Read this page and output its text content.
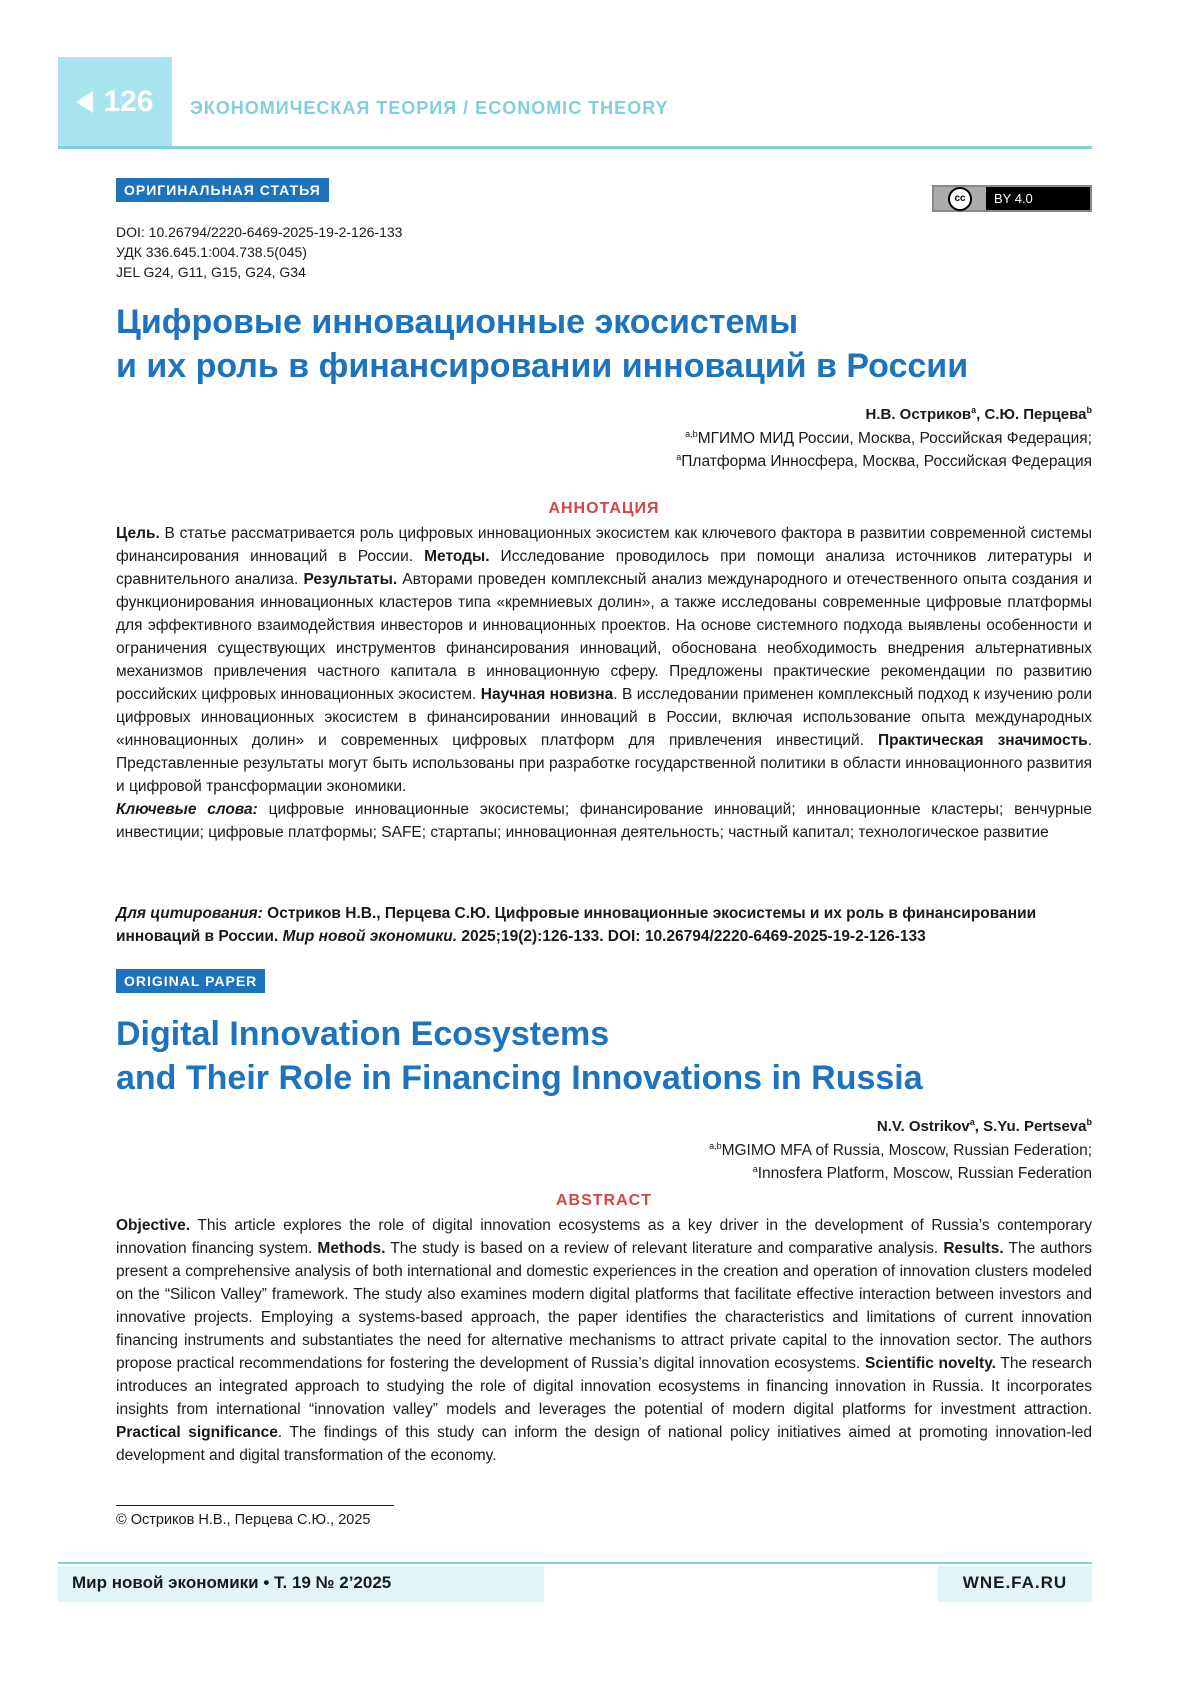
126 ЭКОНОМИЧЕСКАЯ ТЕОРИЯ / ECONOMIC THEORY
ОРИГИНАЛЬНАЯ СТАТЬЯ
cc	BY 4.0
DOI: 10.26794/2220-6469-2025-19-2-126-133
УДК 336.645.1:004.738.5(045)
JEL G24, G11, G15, G24, G34
Цифровые инновационные экосистемы
и их роль в финансировании инноваций в России
Н.В. Остриков$^a$, С.Ю. Перцева$^b$
$^{a,b}$МГИМО МИД России, Москва, Российская Федерация;
$^a$Платформа Инносфера, Москва, Российская Федерация
АННОТАЦИЯ
Цель. В статье рассматривается роль цифровых инновационных экосистем как ключевого фактора в развитии современной системы финансирования инноваций в России. Методы. Исследование проводилось при помощи анализа источников литературы и сравнительного анализа. Результаты. Авторами проведен комплексный анализ международного и отечественного опыта создания и функционирования инновационных кластеров типа «кремниевых долин», а также исследованы современные цифровые платформы для эффективного взаимодействия инвесторов и инновационных проектов. На основе системного подхода выявлены особенности и ограничения существующих инструментов финансирования инноваций, обоснована необходимость внедрения альтернативных механизмов привлечения частного капитала в инновационную сферу. Предложены практические рекомендации по развитию российских цифровых инновационных экосистем. Научная новизна. В исследовании применен комплексный подход к изучению роли цифровых инновационных экосистем в финансировании инноваций в России, включая использование опыта международных «инновационных долин» и современных цифровых платформ для привлечения инвестиций. Практическая значимость. Представленные результаты могут быть использованы при разработке государственной политики в области инновационного развития и цифровой трансформации экономики.
Ключевые слова: цифровые инновационные экосистемы; финансирование инноваций; инновационные кластеры; венчурные инвестиции; цифровые платформы; SAFE; стартапы; инновационная деятельность; частный капитал; технологическое развитие
Для цитирования: Остриков Н.В., Перцева С.Ю. Цифровые инновационные экосистемы и их роль в финансировании инноваций в России. Мир новой экономики. 2025;19(2):126-133. DOI: 10.26794/2220-6469-2025-19-2-126-133
ORIGINAL PAPER
Digital Innovation Ecosystems
and Their Role in Financing Innovations in Russia
N.V. Ostrikov$^a$, S.Yu. Pertseva$^b$
$^{a,b}$MGIMO MFA of Russia, Moscow, Russian Federation;
$^a$Innosfera Platform, Moscow, Russian Federation
ABSTRACT
Objective. This article explores the role of digital innovation ecosystems as a key driver in the development of Russia’s contemporary innovation financing system. Methods. The study is based on a review of relevant literature and comparative analysis. Results. The authors present a comprehensive analysis of both international and domestic experiences in the creation and operation of innovation clusters modeled on the “Silicon Valley” framework. The study also examines modern digital platforms that facilitate effective interaction between investors and innovative projects. Employing a systems-based approach, the paper identifies the characteristics and limitations of current innovation financing instruments and substantiates the need for alternative mechanisms to attract private capital to the innovation sector. The authors propose practical recommendations for fostering the development of Russia’s digital innovation ecosystems. Scientific novelty. The research introduces an integrated approach to studying the role of digital innovation ecosystems in financing innovation in Russia. It incorporates insights from international “innovation valley” models and leverages the potential of modern digital platforms for investment attraction. Practical significance. The findings of this study can inform the design of national policy initiatives aimed at promoting innovation-led development and digital transformation of the economy.
© Остриков Н.В., Перцева С.Ю., 2025
Мир новой экономики • Т. 19 № 2’2025	WNE.FA.RU
